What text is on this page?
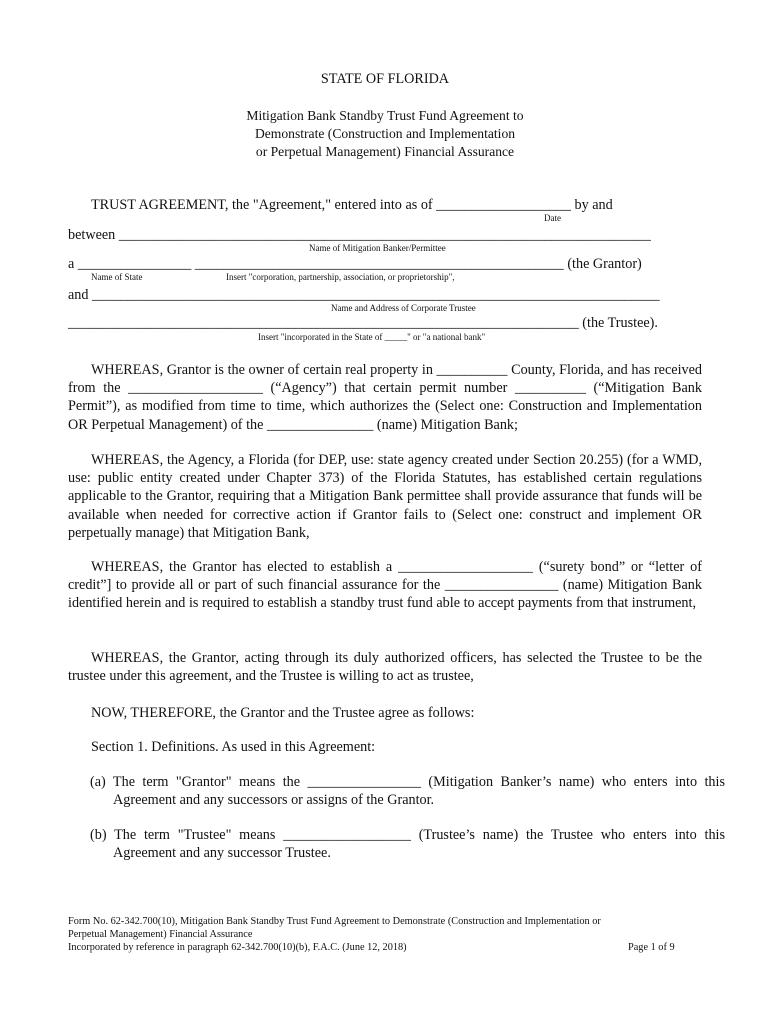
STATE OF FLORIDA
Mitigation Bank Standby Trust Fund Agreement to
Demonstrate (Construction and Implementation
or Perpetual Management) Financial Assurance
TRUST AGREEMENT, the "Agreement," entered into as of ___________________ by and
Date
between ___________________________________________________________________________
Name of Mitigation Banker/Permittee
a ________________ ____________________________________________________ (the Grantor)
Name of State	Insert "corporation, partnership, association, or proprietorship",
and ________________________________________________________________________________
Name and Address of Corporate Trustee
________________________________________________________________________ (the Trustee).
Insert "incorporated in the State of _____" or "a national bank"
WHEREAS, Grantor is the owner of certain real property in __________ County, Florida, and has received from the ___________________ (“Agency”) that certain permit number __________ (“Mitigation Bank Permit”), as modified from time to time, which authorizes the (Select one: Construction and Implementation OR Perpetual Management) of the _______________ (name) Mitigation Bank;
WHEREAS, the Agency, a Florida (for DEP, use: state agency created under Section 20.255) (for a WMD, use: public entity created under Chapter 373) of the Florida Statutes, has established certain regulations applicable to the Grantor, requiring that a Mitigation Bank permittee shall provide assurance that funds will be available when needed for corrective action if Grantor fails to (Select one: construct and implement OR perpetually manage) that Mitigation Bank,
WHEREAS, the Grantor has elected to establish a ___________________ (“surety bond” or “letter of credit”] to provide all or part of such financial assurance for the ________________ (name) Mitigation Bank identified herein and is required to establish a standby trust fund able to accept payments from that instrument,
WHEREAS, the Grantor, acting through its duly authorized officers, has selected the Trustee to be the trustee under this agreement, and the Trustee is willing to act as trustee,
NOW, THEREFORE, the Grantor and the Trustee agree as follows:
Section 1. Definitions. As used in this Agreement:
(a) The term "Grantor" means the ________________ (Mitigation Banker’s name) who enters into this Agreement and any successors or assigns of the Grantor.
(b) The term "Trustee" means __________________ (Trustee’s name) the Trustee who enters into this Agreement and any successor Trustee.
Form No. 62-342.700(10), Mitigation Bank Standby Trust Fund Agreement to Demonstrate (Construction and Implementation or
Perpetual Management) Financial Assurance
Incorporated by reference in paragraph 62-342.700(10)(b), F.A.C. (June 12, 2018)	Page 1 of 9
